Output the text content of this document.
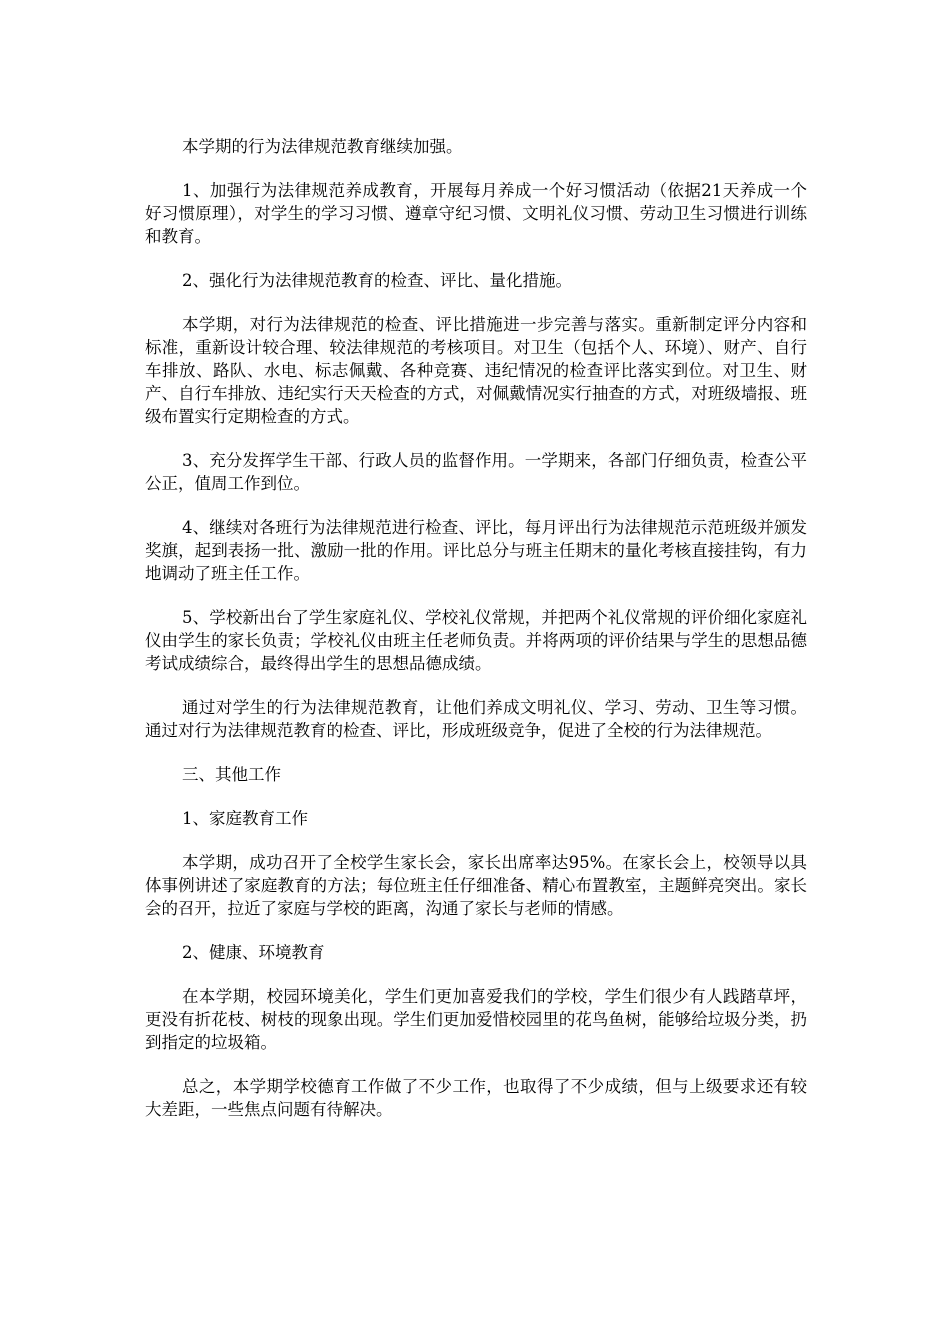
本学期的行为法律规范教育继续加强。

1、加强行为法律规范养成教育，开展每月养成一个好习惯活动（依据21天养成一个好习惯原理），对学生的学习习惯、遵章守纪习惯、文明礼仪习惯、劳动卫生习惯进行训练和教育。

2、强化行为法律规范教育的检查、评比、量化措施。

本学期，对行为法律规范的检查、评比措施进一步完善与落实。重新制定评分内容和标准，重新设计较合理、较法律规范的考核项目。对卫生（包括个人、环境）、财产、自行车排放、路队、水电、标志佩戴、各种竞赛、违纪情况的检查评比落实到位。对卫生、财产、自行车排放、违纪实行天天检查的方式，对佩戴情况实行抽查的方式，对班级墙报、班级布置实行定期检查的方式。

3、充分发挥学生干部、行政人员的监督作用。一学期来，各部门仔细负责，检查公平公正，值周工作到位。

4、继续对各班行为法律规范进行检查、评比，每月评出行为法律规范示范班级并颁发奖旗，起到表扬一批、激励一批的作用。评比总分与班主任期末的量化考核直接挂钩，有力地调动了班主任工作。

5、学校新出台了学生家庭礼仪、学校礼仪常规，并把两个礼仪常规的评价细化家庭礼仪由学生的家长负责；学校礼仪由班主任老师负责。并将两项的评价结果与学生的思想品德考试成绩综合，最终得出学生的思想品德成绩。

通过对学生的行为法律规范教育，让他们养成文明礼仪、学习、劳动、卫生等习惯。通过对行为法律规范教育的检查、评比，形成班级竞争，促进了全校的行为法律规范。

三、其他工作

1、家庭教育工作

本学期，成功召开了全校学生家长会，家长出席率达95%。在家长会上，校领导以具体事例讲述了家庭教育的方法；每位班主任仔细准备、精心布置教室，主题鲜亮突出。家长会的召开，拉近了家庭与学校的距离，沟通了家长与老师的情感。

2、健康、环境教育

在本学期，校园环境美化，学生们更加喜爱我们的学校，学生们很少有人践踏草坪，更没有折花枝、树枝的现象出现。学生们更加爱惜校园里的花鸟鱼树，能够给垃圾分类，扔到指定的垃圾箱。

总之，本学期学校德育工作做了不少工作，也取得了不少成绩，但与上级要求还有较大差距，一些焦点问题有待解决。
